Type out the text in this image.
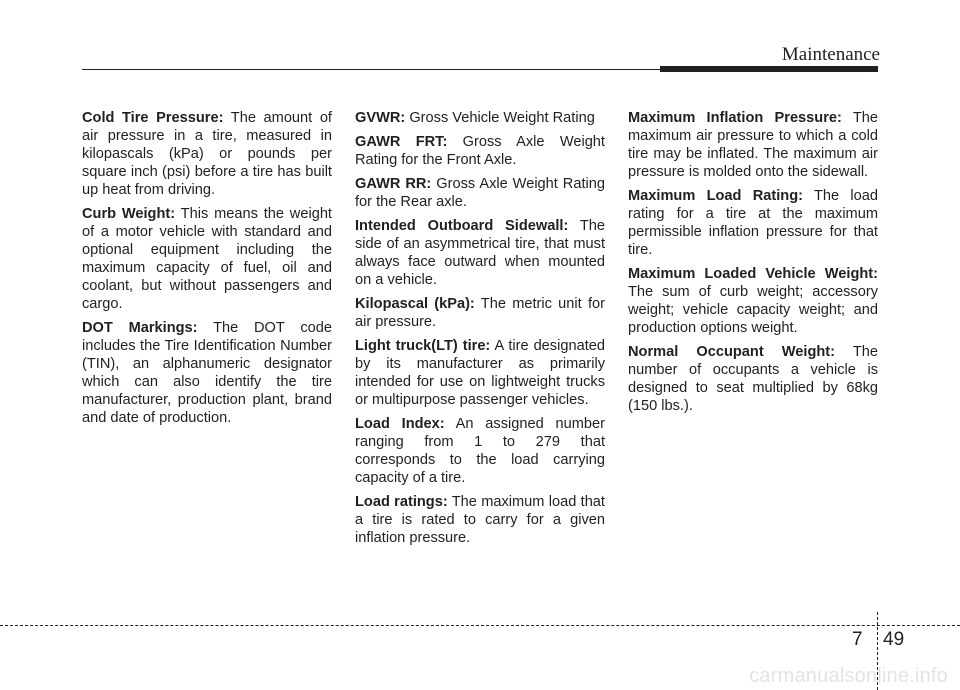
Maintenance

Cold Tire Pressure: The amount of air pressure in a tire, measured in kilopascals (kPa) or pounds per square inch (psi) before a tire has built up heat from driving.

Curb Weight: This means the weight of a motor vehicle with standard and optional equipment including the maximum capacity of fuel, oil and coolant, but without passengers and cargo.

DOT Markings: The DOT code includes the Tire Identification Number (TIN), an alphanumeric designator which can also identify the tire manufacturer, production plant, brand and date of production.

GVWR: Gross Vehicle Weight Rating

GAWR FRT: Gross Axle Weight Rating for the Front Axle.

GAWR RR: Gross Axle Weight Rating for the Rear axle.

Intended Outboard Sidewall: The side of an asymmetrical tire, that must always face outward when mounted on a vehicle.

Kilopascal (kPa): The metric unit for air pressure.

Light truck(LT) tire: A tire designated by its manufacturer as primarily intended for use on lightweight trucks or multipurpose passenger vehicles.

Load Index: An assigned number ranging from 1 to 279 that corresponds to the load carrying capacity of a tire.

Load ratings: The maximum load that a tire is rated to carry for a given inflation pressure.

Maximum Inflation Pressure: The maximum air pressure to which a cold tire may be inflated. The maximum air pressure is molded onto the sidewall.

Maximum Load Rating: The load rating for a tire at the maximum permissible inflation pressure for that tire.

Maximum Loaded Vehicle Weight: The sum of curb weight; accessory weight; vehicle capacity weight; and production options weight.

Normal Occupant Weight: The number of occupants a vehicle is designed to seat multiplied by 68kg (150 lbs.).

7 49
carmanualsonline.info
